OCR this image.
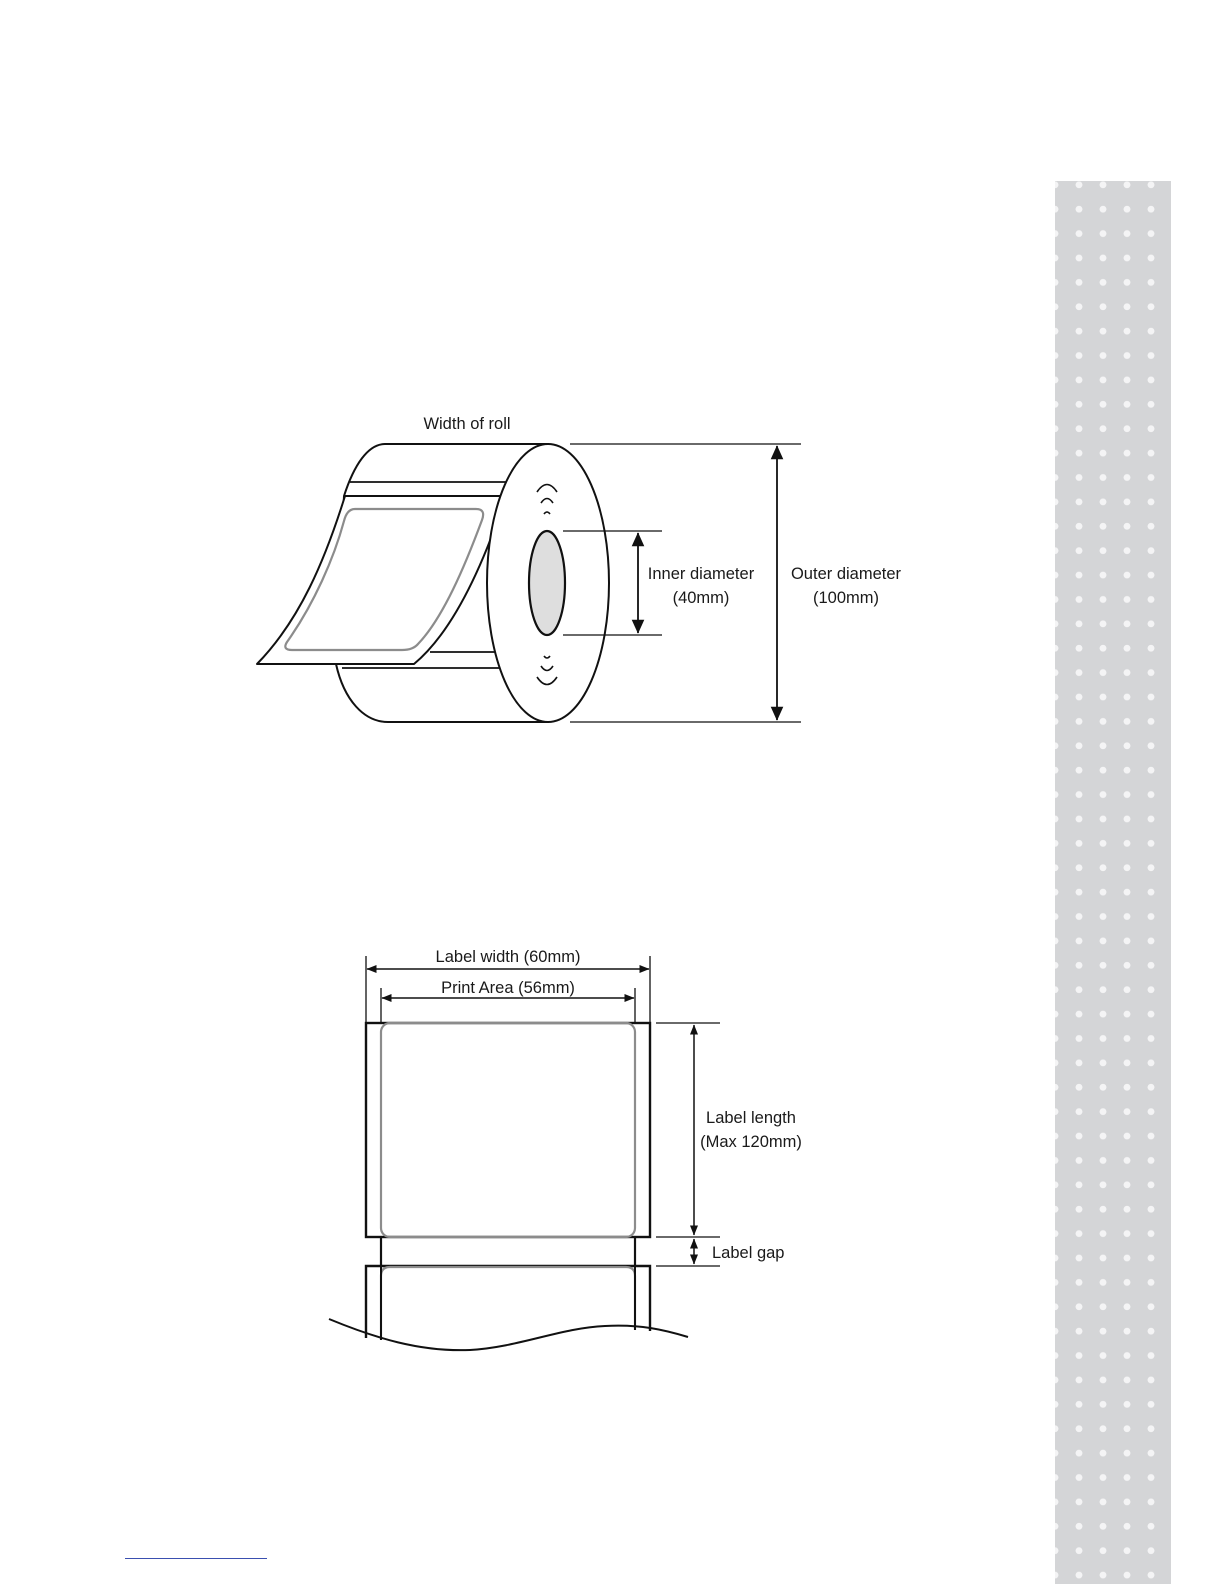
Width of roll
Inner diameter
(40mm)
Outer diameter
(100mm)
Label width (60mm)
Print Area (56mm)
Label length
(Max 120mm)
Label gap
